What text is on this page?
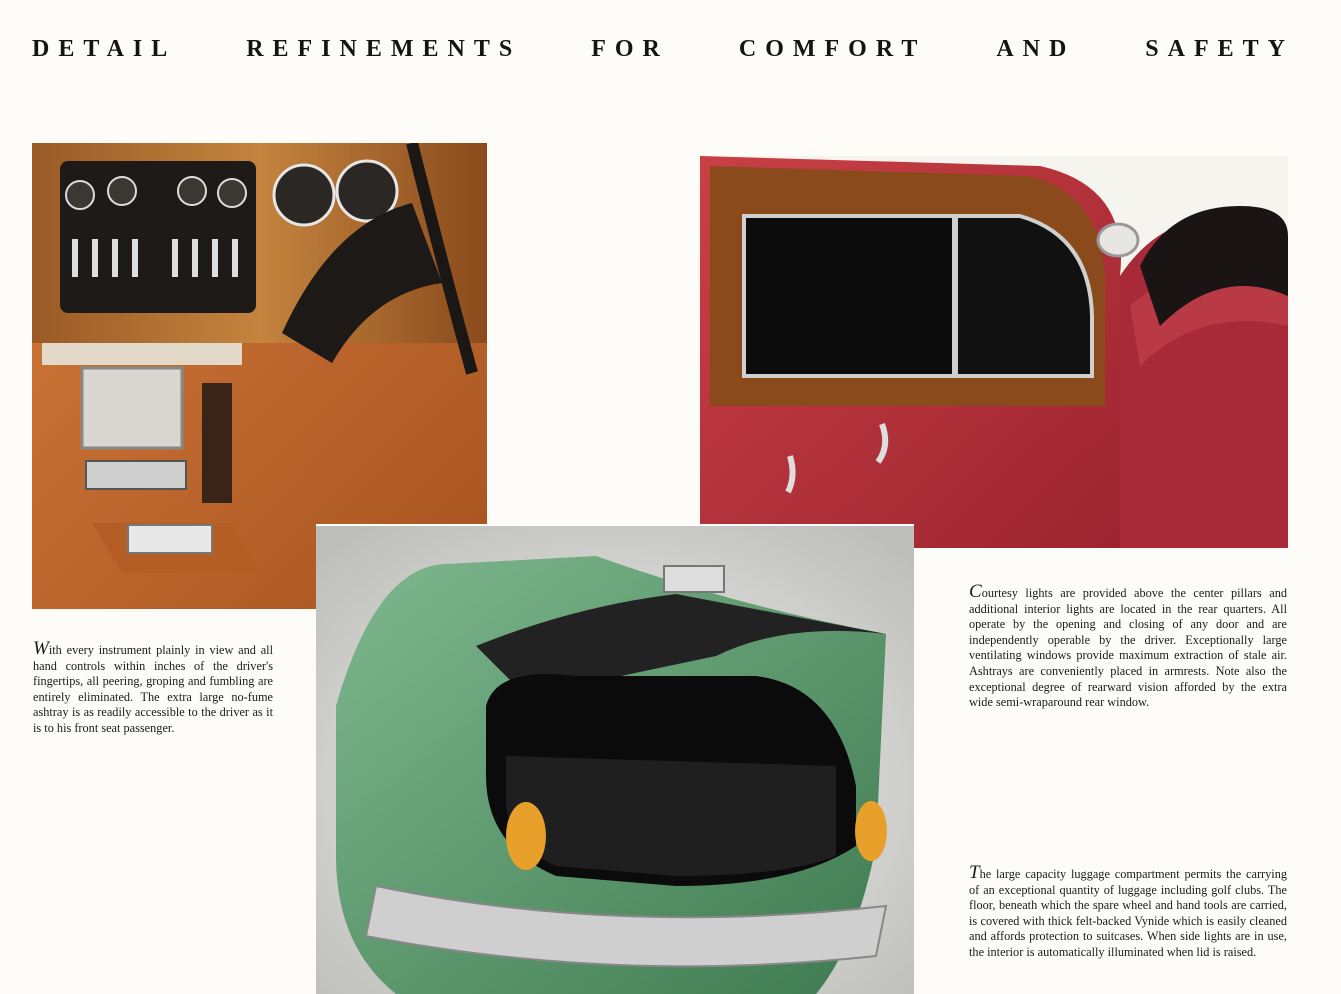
DETAIL	REFINEMENTS	FOR	COMFORT	AND	SAFETY

With every instrument plainly in view and all hand controls within inches of the driver's fingertips, all peering, groping and fumbling are entirely eliminated. The extra large no-fume ashtray is as readily accessible to the driver as it is to his front seat passenger.

Courtesy lights are provided above the center pillars and additional interior lights are located in the rear quarters. All operate by the opening and closing of any door and are independently operable by the driver. Exceptionally large ventilating windows provide maximum extraction of stale air. Ashtrays are conveniently placed in armrests. Note also the exceptional degree of rearward vision afforded by the extra wide semi-wraparound rear window.

The large capacity luggage compartment permits the carrying of an exceptional quantity of luggage including golf clubs. The floor, beneath which the spare wheel and hand tools are carried, is covered with thick felt-backed Vynide which is easily cleaned and affords protection to suitcases. When side lights are in use, the interior is automatically illuminated when lid is raised.
